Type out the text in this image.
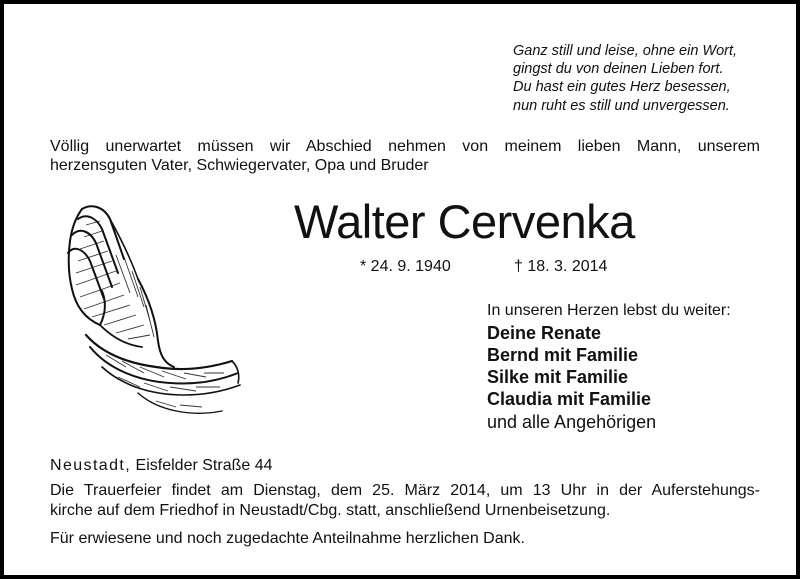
Ganz still und leise, ohne ein Wort,
gingst du von deinen Lieben fort.
Du hast ein gutes Herz besessen,
nun ruht es still und unvergessen.
Völlig unerwartet müssen wir Abschied nehmen von meinem lieben Mann, unserem
herzensguten Vater, Schwiegervater, Opa und Bruder
Walter Cervenka
* 24. 9. 1940	† 18. 3. 2014
In unseren Herzen lebst du weiter:
Deine Renate
Bernd mit Familie
Silke mit Familie
Claudia mit Familie
und alle Angehörigen
Neustadt, Eisfelder Straße 44
Die Trauerfeier findet am Dienstag, dem 25. März 2014, um 13 Uhr in der Auferstehungs-
kirche auf dem Friedhof in Neustadt/Cbg. statt, anschließend Urnenbeisetzung.
Für erwiesene und noch zugedachte Anteilnahme herzlichen Dank.
